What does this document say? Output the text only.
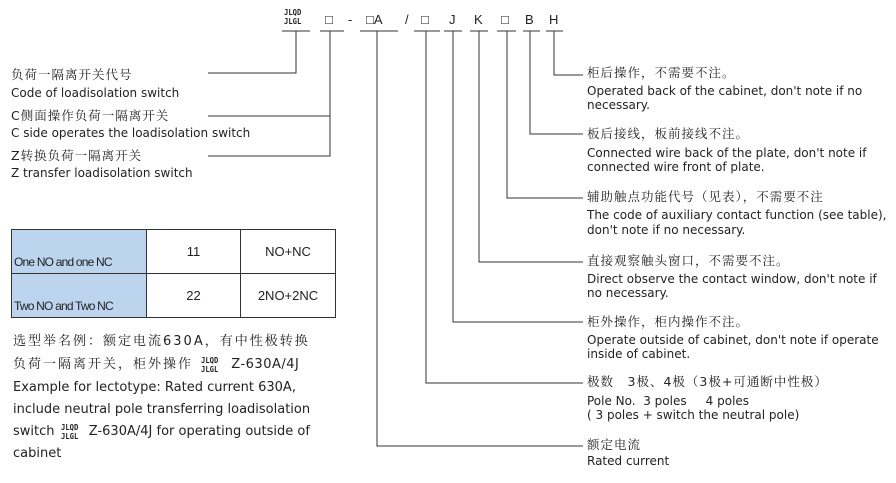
JLQD
JLGL □ - □A / □ J K □ B H
负荷一隔离开关代号
Code of loadisolation switch
C侧面操作负荷一隔离开关
C side operates the loadisolation switch
Z转换负荷一隔离开关
Z transfer loadisolation switch
柜后操作，不需要不注。
Operated back of the cabinet, don't note if no
necessary.
板后接线，板前接线不注。
Connected wire back of the plate, don't note if
connected wire front of plate.
辅助触点功能代号（见表），不需要不注
The code of auxiliary contact function (see table),
don't note if no necessary.
直接观察触头窗口，不需要不注。
Direct observe the contact window, don't note if
no necessary.
柜外操作，柜内操作不注。
Operate outside of cabinet, don't note if operate
inside of cabinet.
极数　3极、4极（3极+可通断中性极）
Pole No.  3 poles     4 poles
( 3 poles + switch the neutral pole)
额定电流
Rated current
One NO and one NC	11	NO+NC
Two NO and Two NC	22	2NO+2NC
选型举名例：额定电流630A，有中性极转换
负荷一隔离开关，柜外操作 JLQD
JLGL Z-630A/4J
Example for lectotype: Rated current 630A,
include neutral pole transferring loadisolation
switch JLQD
JLGL Z-630A/4J for operating outside of
cabinet
